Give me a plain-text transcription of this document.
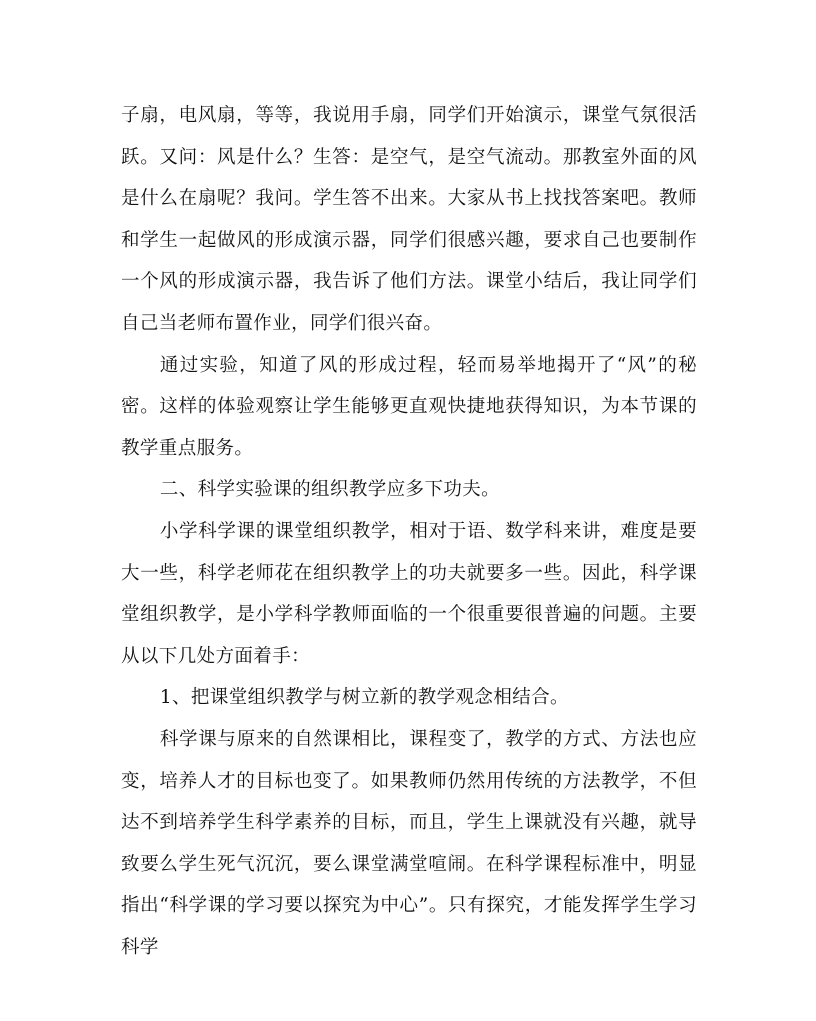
子扇，电风扇，等等，我说用手扇，同学们开始演示，课堂气氛很活跃。又问：风是什么？生答：是空气，是空气流动。那教室外面的风是什么在扇呢？我问。学生答不出来。大家从书上找找答案吧。教师和学生一起做风的形成演示器，同学们很感兴趣，要求自己也要制作一个风的形成演示器，我告诉了他们方法。课堂小结后，我让同学们自己当老师布置作业，同学们很兴奋。

通过实验，知道了风的形成过程，轻而易举地揭开了“风”的秘密。这样的体验观察让学生能够更直观快捷地获得知识，为本节课的教学重点服务。

二、科学实验课的组织教学应多下功夫。

小学科学课的课堂组织教学，相对于语、数学科来讲，难度是要大一些，科学老师花在组织教学上的功夫就要多一些。因此，科学课堂组织教学，是小学科学教师面临的一个很重要很普遍的问题。主要从以下几处方面着手：

1、把课堂组织教学与树立新的教学观念相结合。

科学课与原来的自然课相比，课程变了，教学的方式、方法也应变，培养人才的目标也变了。如果教师仍然用传统的方法教学，不但达不到培养学生科学素养的目标，而且，学生上课就没有兴趣，就导致要么学生死气沉沉，要么课堂满堂喧闹。在科学课程标准中，明显指出“科学课的学习要以探究为中心”。只有探究，才能发挥学生学习科学
